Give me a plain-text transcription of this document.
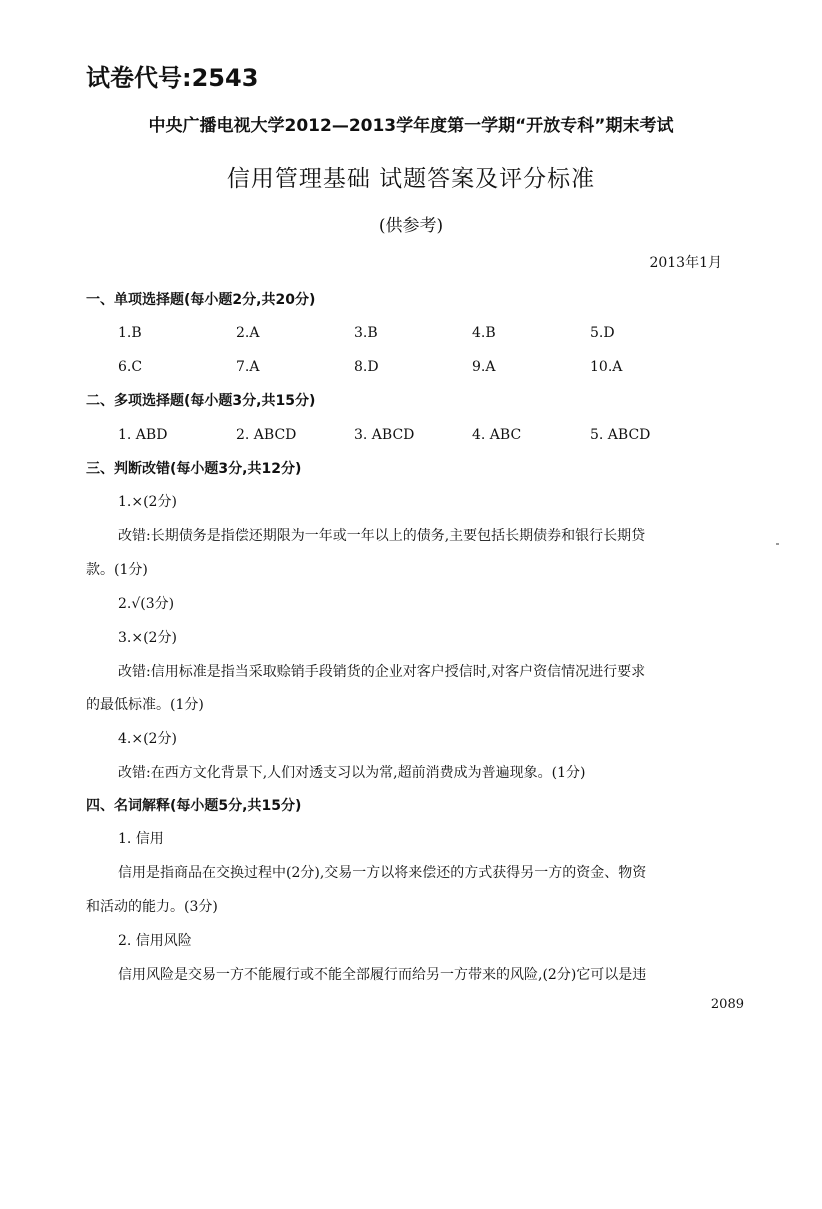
试卷代号:2543
中央广播电视大学2012—2013学年度第一学期“开放专科”期末考试
信用管理基础 试题答案及评分标准
(供参考)
2013年1月
一、单项选择题(每小题2分,共20分)
1.B	2.A	3.B	4.B	5.D
6.C	7.A	8.D	9.A	10.A
二、多项选择题(每小题3分,共15分)
1. ABD	2. ABCD	3. ABCD	4. ABC	5. ABCD
三、判断改错(每小题3分,共12分)
1.×(2分)
改错:长期债务是指偿还期限为一年或一年以上的债务,主要包括长期债券和银行长期贷
款。(1分)
2.√(3分)
3.×(2分)
改错:信用标准是指当采取赊销手段销货的企业对客户授信时,对客户资信情况进行要求
的最低标准。(1分)
4.×(2分)
改错:在西方文化背景下,人们对透支习以为常,超前消费成为普遍现象。(1分)
四、名词解释(每小题5分,共15分)
1. 信用
信用是指商品在交换过程中(2分),交易一方以将来偿还的方式获得另一方的资金、物资
和活动的能力。(3分)
2. 信用风险
信用风险是交易一方不能履行或不能全部履行而给另一方带来的风险,(2分)它可以是违
2089
